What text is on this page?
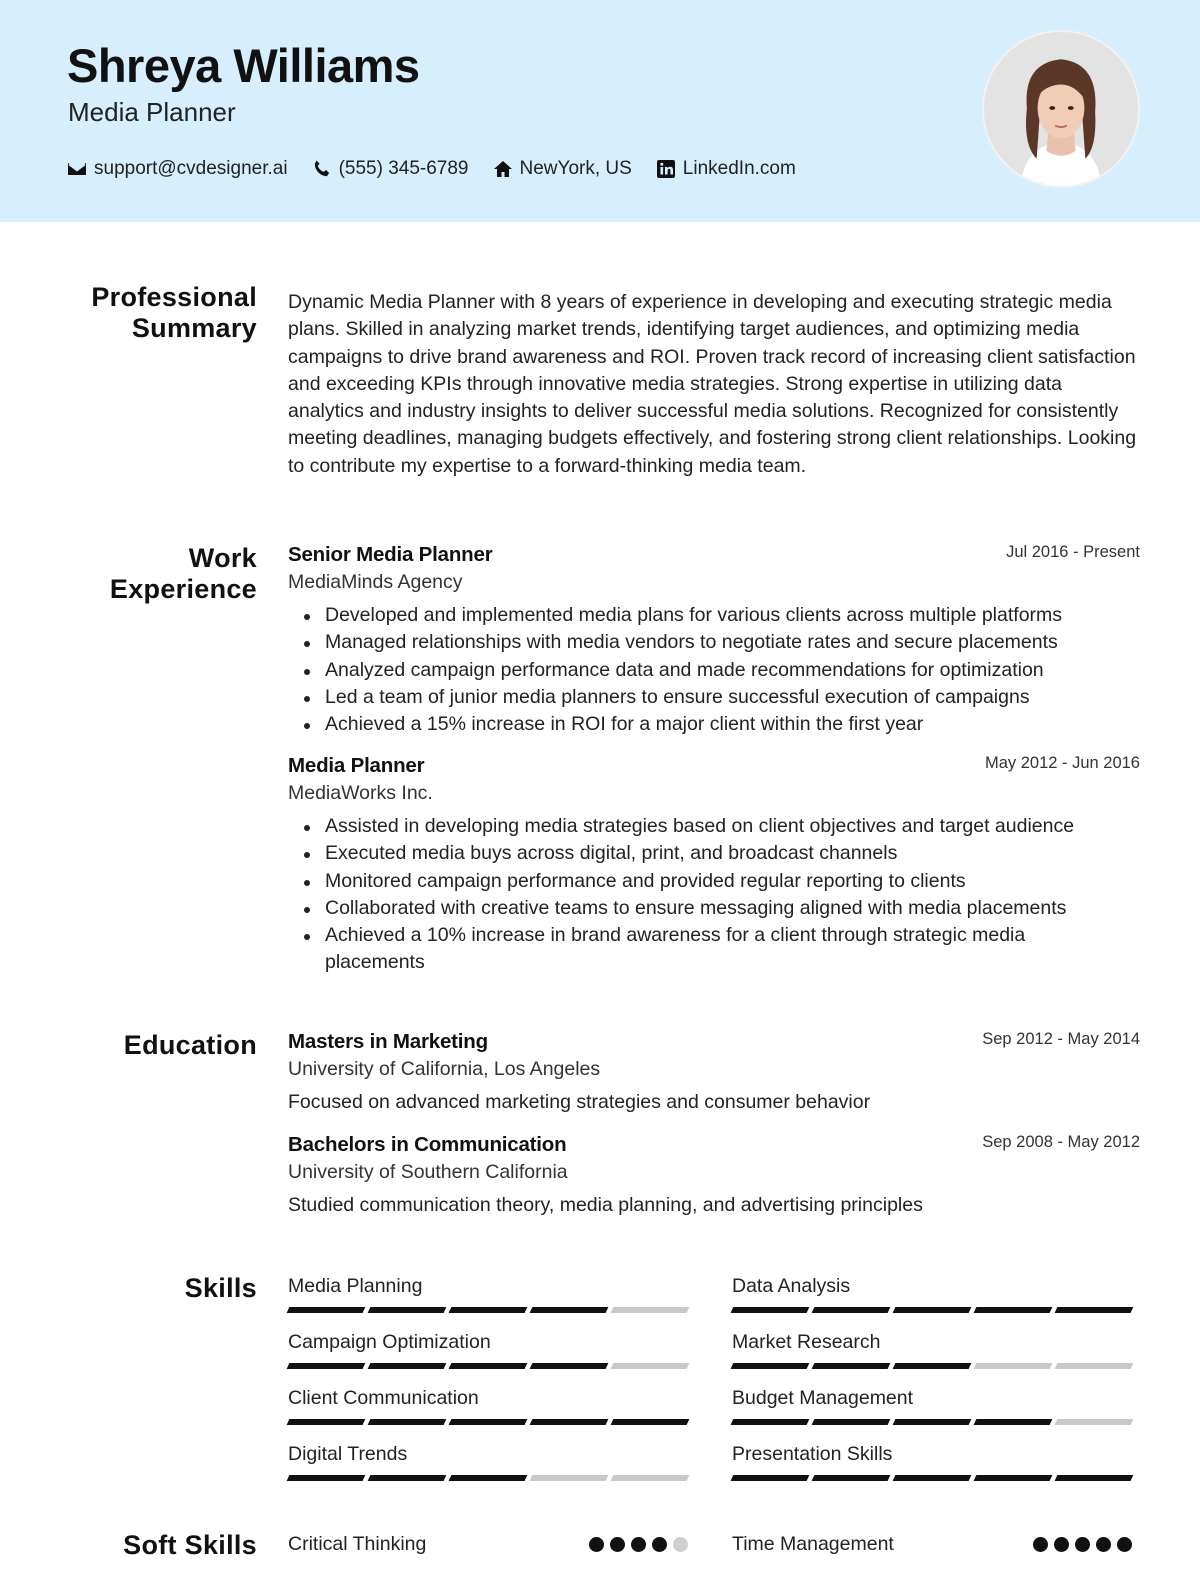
Shreya Williams
Media Planner
support@cvdesigner.ai	(555) 345-6789	NewYork, US	LinkedIn.com
Professional
Summary

Dynamic Media Planner with 8 years of experience in developing and executing strategic media plans. Skilled in analyzing market trends, identifying target audiences, and optimizing media campaigns to drive brand awareness and ROI. Proven track record of increasing client satisfaction and exceeding KPIs through innovative media strategies. Strong expertise in utilizing data analytics and industry insights to deliver successful media solutions. Recognized for consistently meeting deadlines, managing budgets effectively, and fostering strong client relationships. Looking to contribute my expertise to a forward-thinking media team.

Work
Experience
Senior Media Planner	Jul 2016 - Present
MediaMinds Agency
Developed and implemented media plans for various clients across multiple platforms
Managed relationships with media vendors to negotiate rates and secure placements
Analyzed campaign performance data and made recommendations for optimization
Led a team of junior media planners to ensure successful execution of campaigns
Achieved a 15% increase in ROI for a major client within the first year
Media Planner	May 2012 - Jun 2016
MediaWorks Inc.
Assisted in developing media strategies based on client objectives and target audience
Executed media buys across digital, print, and broadcast channels
Monitored campaign performance and provided regular reporting to clients
Collaborated with creative teams to ensure messaging aligned with media placements
Achieved a 10% increase in brand awareness for a client through strategic media placements
Education Masters in Marketing	Sep 2012 - May 2014
University of California, Los Angeles
Focused on advanced marketing strategies and consumer behavior
Bachelors in Communication	Sep 2008 - May 2012
University of Southern California
Studied communication theory, media planning, and advertising principles
Skills Media Planning	Data Analysis
Campaign Optimization	Market Research
Client Communication	Budget Management
Digital Trends	Presentation Skills
Soft Skills Critical Thinking	Time Management
